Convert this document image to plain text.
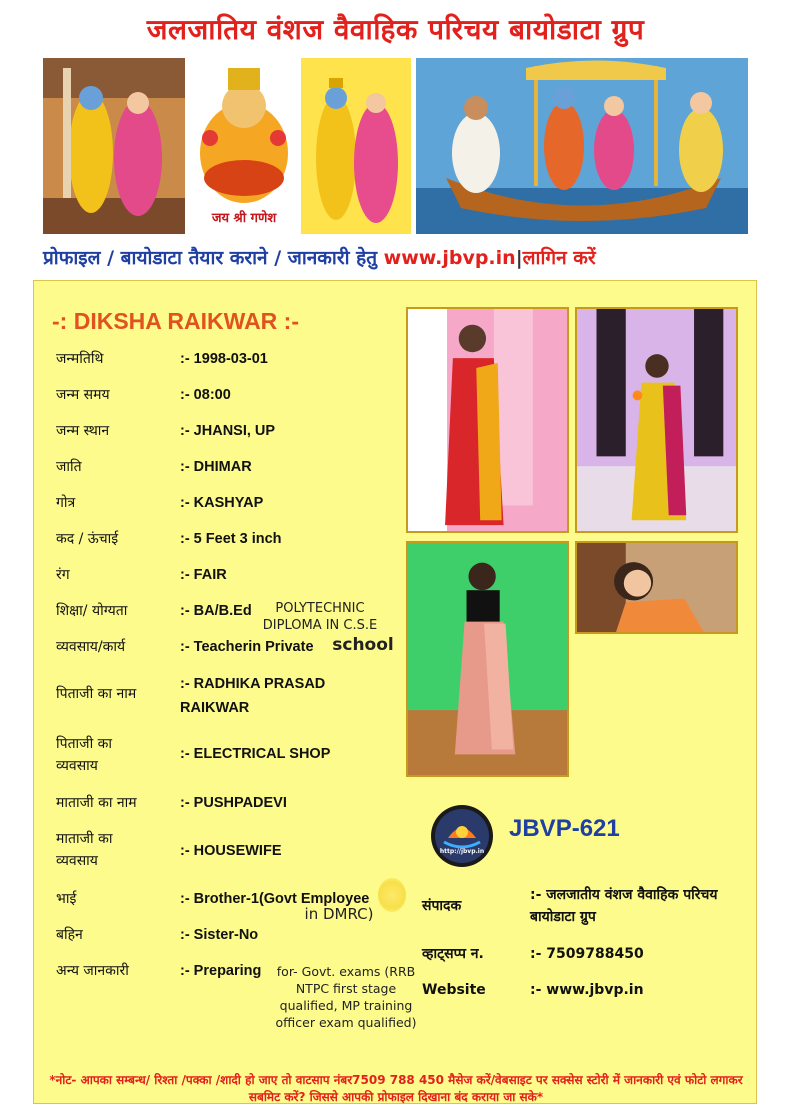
जलजातिय वंशज वैवाहिक परिचय बायोडाटा ग्रुप
जय श्री गणेश
प्रोफाइल / बायोडाटा तैयार कराने / जानकारी हेतु www.jbvp.in|लागिन करें
-: DIKSHA RAIKWAR :-
जन्मतिथि	:- 1998-03-01
जन्म समय	:- 08:00
जन्म स्थान	:- JHANSI, UP
जाति	:- DHIMAR
गोत्र	:- KASHYAP
कद / ऊंचाई	:- 5 Feet 3 inch
रंग	:- FAIR
शिक्षा/ योग्यता	:- BA/B.Ed	POLYTECHNIC DIPLOMA IN C.S.E
व्यवसाय/कार्य	:- Teacherin Private	school
पिताजी का नाम
:- RADHIKA PRASAD RAIKWAR
पिताजी का व्यवसाय
:- ELECTRICAL SHOP
माताजी का नाम	:- PUSHPADEVI
माताजी का व्यवसाय
:- HOUSEWIFE
भाई	:- Brother-1(Govt Employee
in DMRC)
बहिन	:- Sister-No
अन्य जानकारी	:- Preparing	for- Govt. exams (RRB NTPC first stage qualified, MP training officer exam qualified)
http://jbvp.in
JBVP-621
संपादक
:- जलजातीय वंशज वैवाहिक परिचय बायोडाटा ग्रुप
व्हाट्सप्प न.	:- 7509788450
Website	:- www.jbvp.in
*नोट- आपका सम्बन्ध/ रिश्ता /पक्का /शादी हो जाए तो वाटसाप नंबर7509 788 450 मैसेज करें/वेबसाइट पर सक्सेस स्टोरी में जानकारी एवं फोटो लगाकर सबमिट करें? जिससे आपकी प्रोफाइल दिखाना बंद कराया जा सके*
